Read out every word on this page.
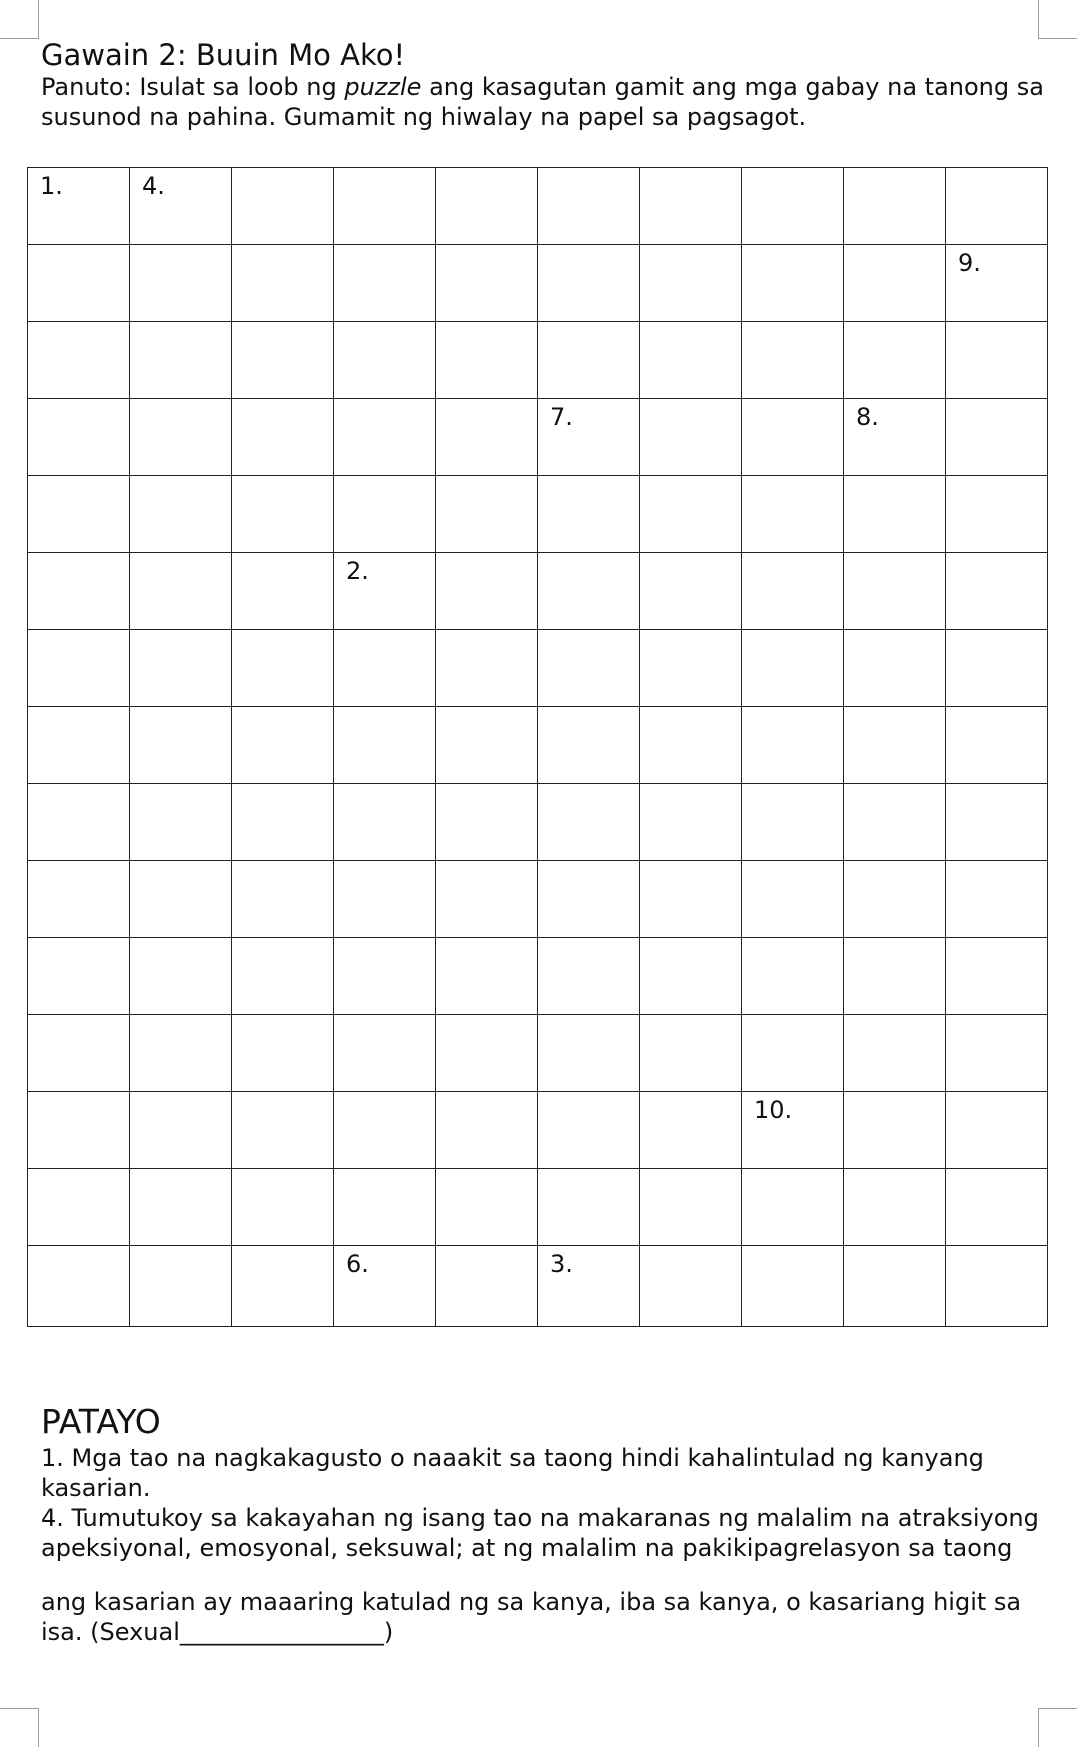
Gawain 2: Buuin Mo Ako!

Panuto: Isulat sa loob ng puzzle ang kasagutan gamit ang mga gabay na tanong sa
susunod na pahina. Gumamit ng hiwalay na papel sa pagsagot.

1.	4.								

									9.

					7.			8.	

			2.						

							10.		

			6.		3.				

PATAYO

1. Mga tao na nagkakagusto o naaakit sa taong hindi kahalintulad ng kanyang kasarian.

4. Tumutukoy sa kakayahan ng isang tao na makaranas ng malalim na atraksiyong

apeksiyonal, emosyonal, seksuwal; at ng malalim na pakikipagrelasyon sa taong

ang kasarian ay maaaring katulad ng sa kanya, iba sa kanya, o kasariang higit sa isa. (Sexual_________________)
